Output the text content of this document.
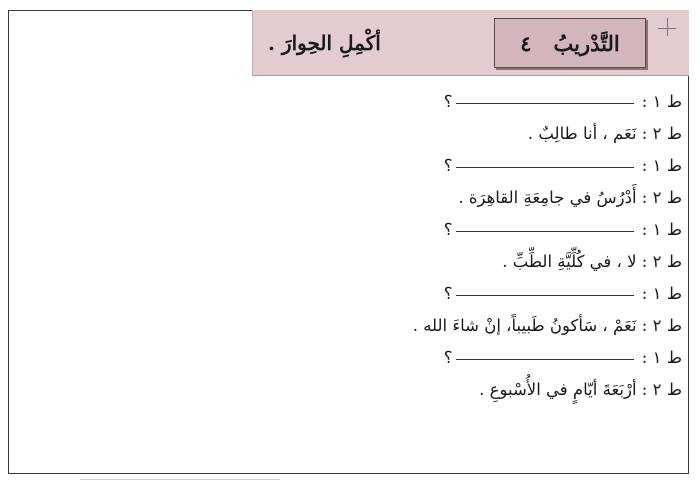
التَّدْريبُ
٤
أكْمِلِ الحِوارَ .
ط ١ : ؟
ط ٢ : نَعَم ، أنا طالِبٌ .
ط ١ : ؟
ط ٢ : أَدْرُسُ في جامِعَةِ القاهِرَة .
ط ١ : ؟
ط ٢ : لا ، في كُلِّيَّةِ الطِّبِّ .
ط ١ : ؟
ط ٢ : نَعَمْ ، سَأكونُ طَبيباً، إنْ شاءَ الله .
ط ١ : ؟
ط ٢ : أرْبَعَةَ أيّامٍ في الأُسْبوعِ .
